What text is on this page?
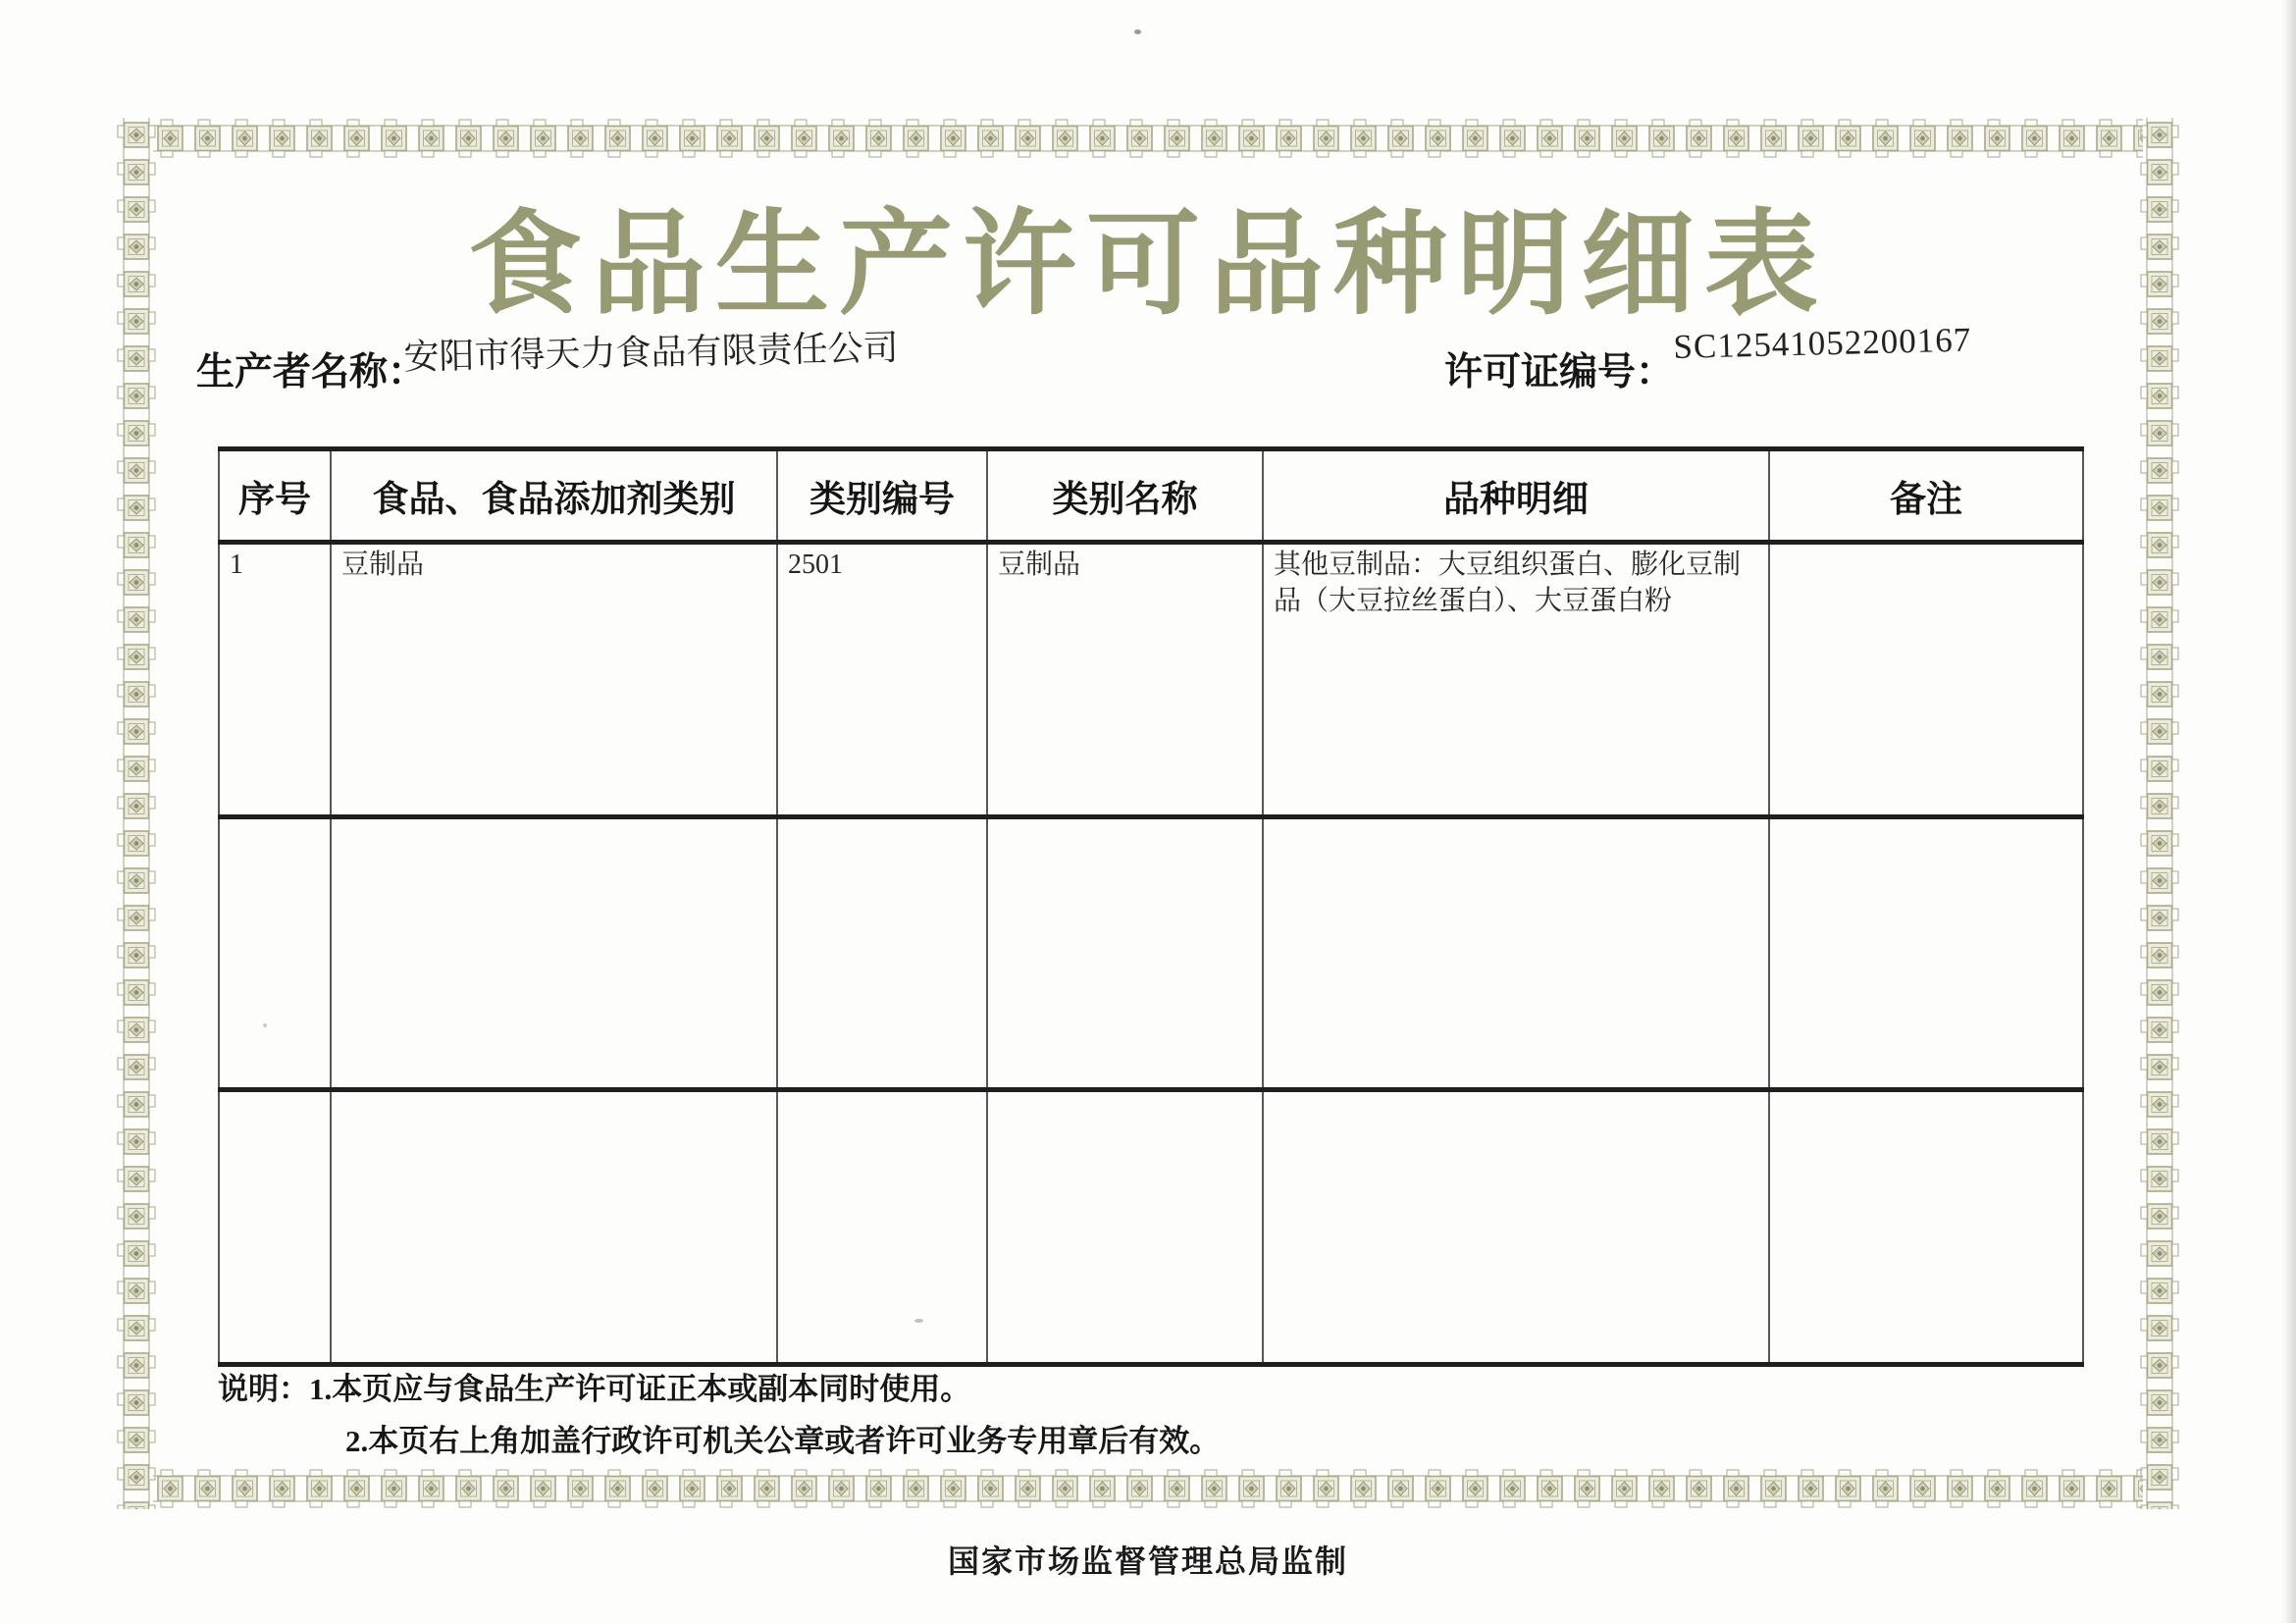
食品生产许可品种明细表
生产者名称：
安阳市得天力食品有限责任公司	许可证编号：
SC12541052200167
序号	食品、食品添加剂类别	类别编号	类别名称	品种明细	备注
1	豆制品	2501	豆制品	其他豆制品：大豆组织蛋白、膨化豆制品（大豆拉丝蛋白）、大豆蛋白粉	

说明：1.本页应与食品生产许可证正本或副本同时使用。
2.本页右上角加盖行政许可机关公章或者许可业务专用章后有效。
国家市场监督管理总局监制
